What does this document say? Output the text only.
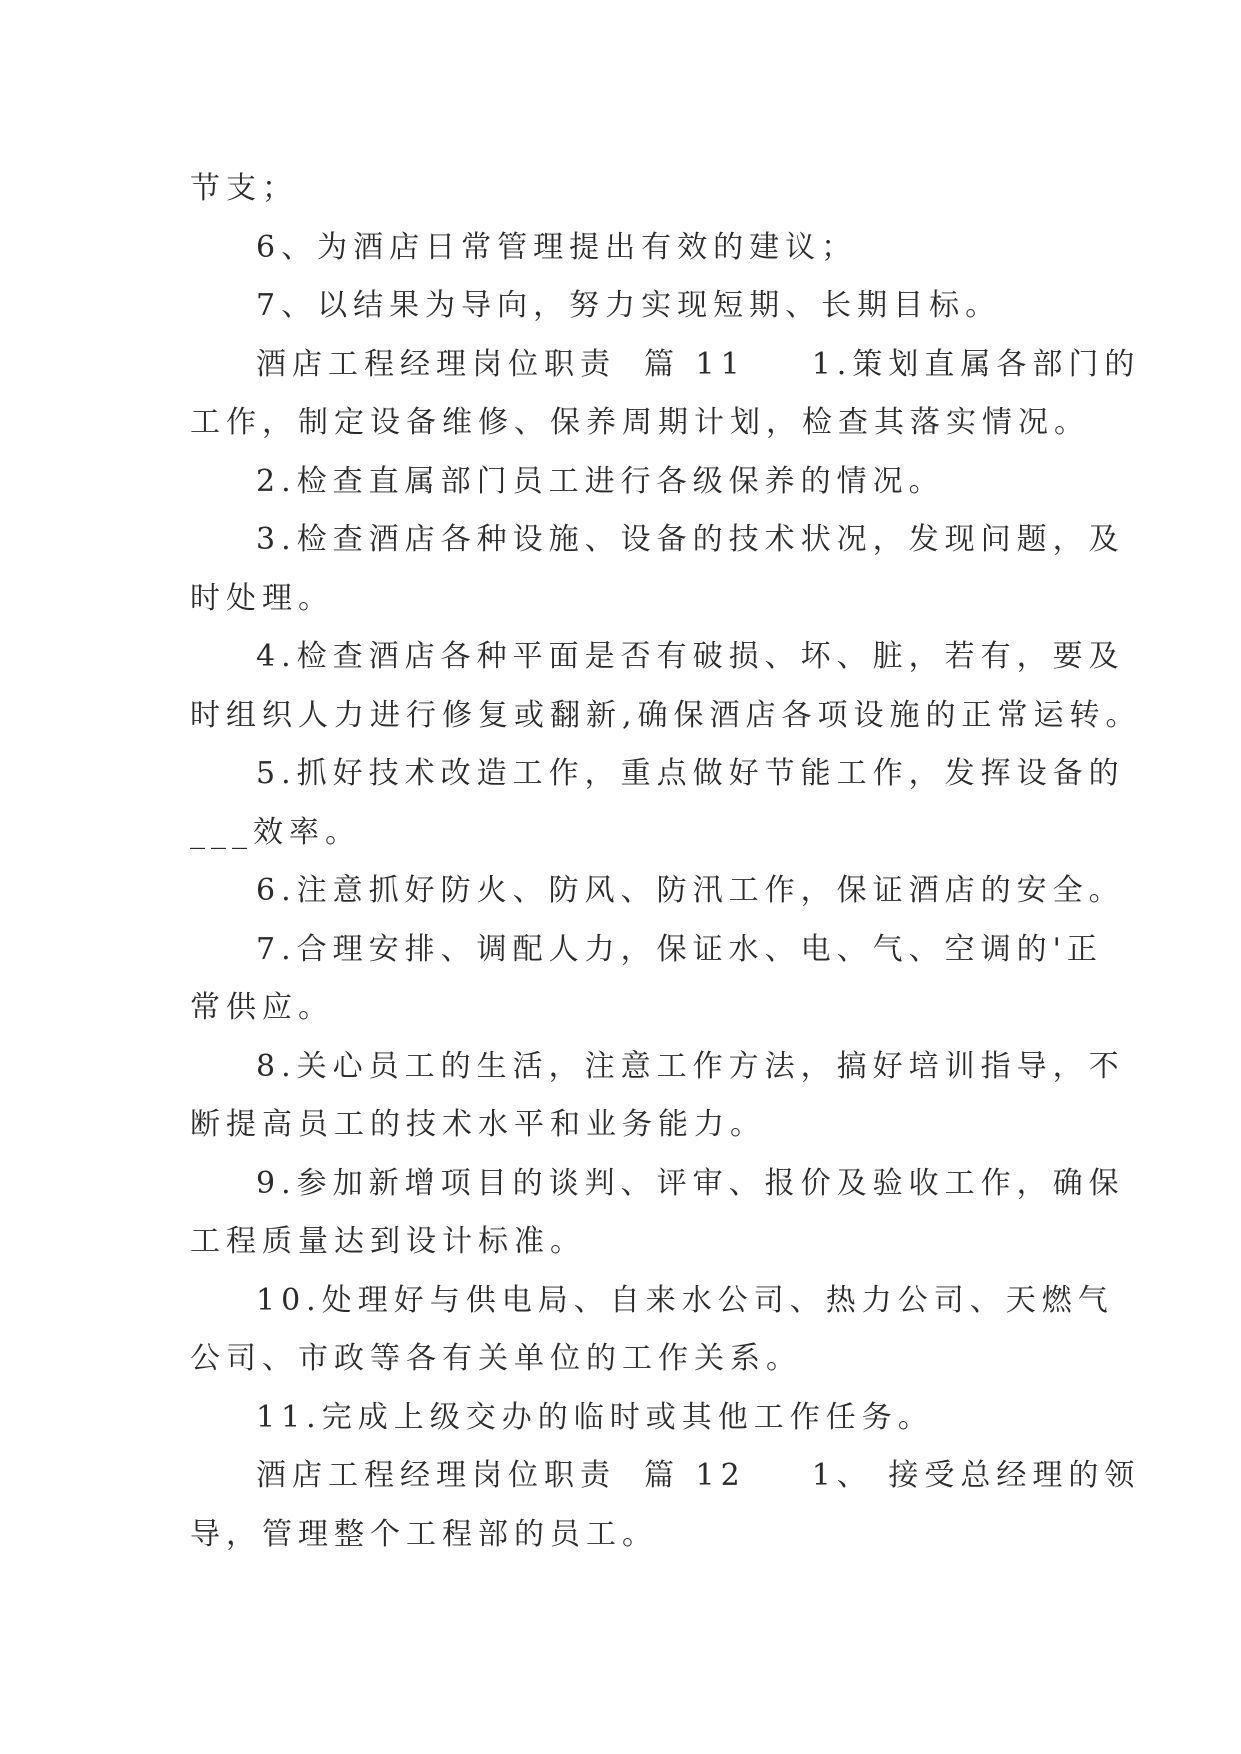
节支；
6、为酒店日常管理提出有效的建议；
7、以结果为导向，努力实现短期、长期目标。
酒店工程经理岗位职责 篇 11 1.策划直属各部门的
工作，制定设备维修、保养周期计划，检查其落实情况。
2.检查直属部门员工进行各级保养的情况。
3.检查酒店各种设施、设备的技术状况，发现问题，及
时处理。
4.检查酒店各种平面是否有破损、坏、脏，若有，要及
时组织人力进行修复或翻新,确保酒店各项设施的正常运转。
5.抓好技术改造工作，重点做好节能工作，发挥设备的
___效率。
6.注意抓好防火、防风、防汛工作，保证酒店的安全。
7.合理安排、调配人力，保证水、电、气、空调的'正
常供应。
8.关心员工的生活，注意工作方法，搞好培训指导，不
断提高员工的技术水平和业务能力。
9.参加新增项目的谈判、评审、报价及验收工作，确保
工程质量达到设计标准。
10.处理好与供电局、自来水公司、热力公司、天燃气
公司、市政等各有关单位的工作关系。
11.完成上级交办的临时或其他工作任务。
酒店工程经理岗位职责 篇 12 1、 接受总经理的领
导，管理整个工程部的员工。
